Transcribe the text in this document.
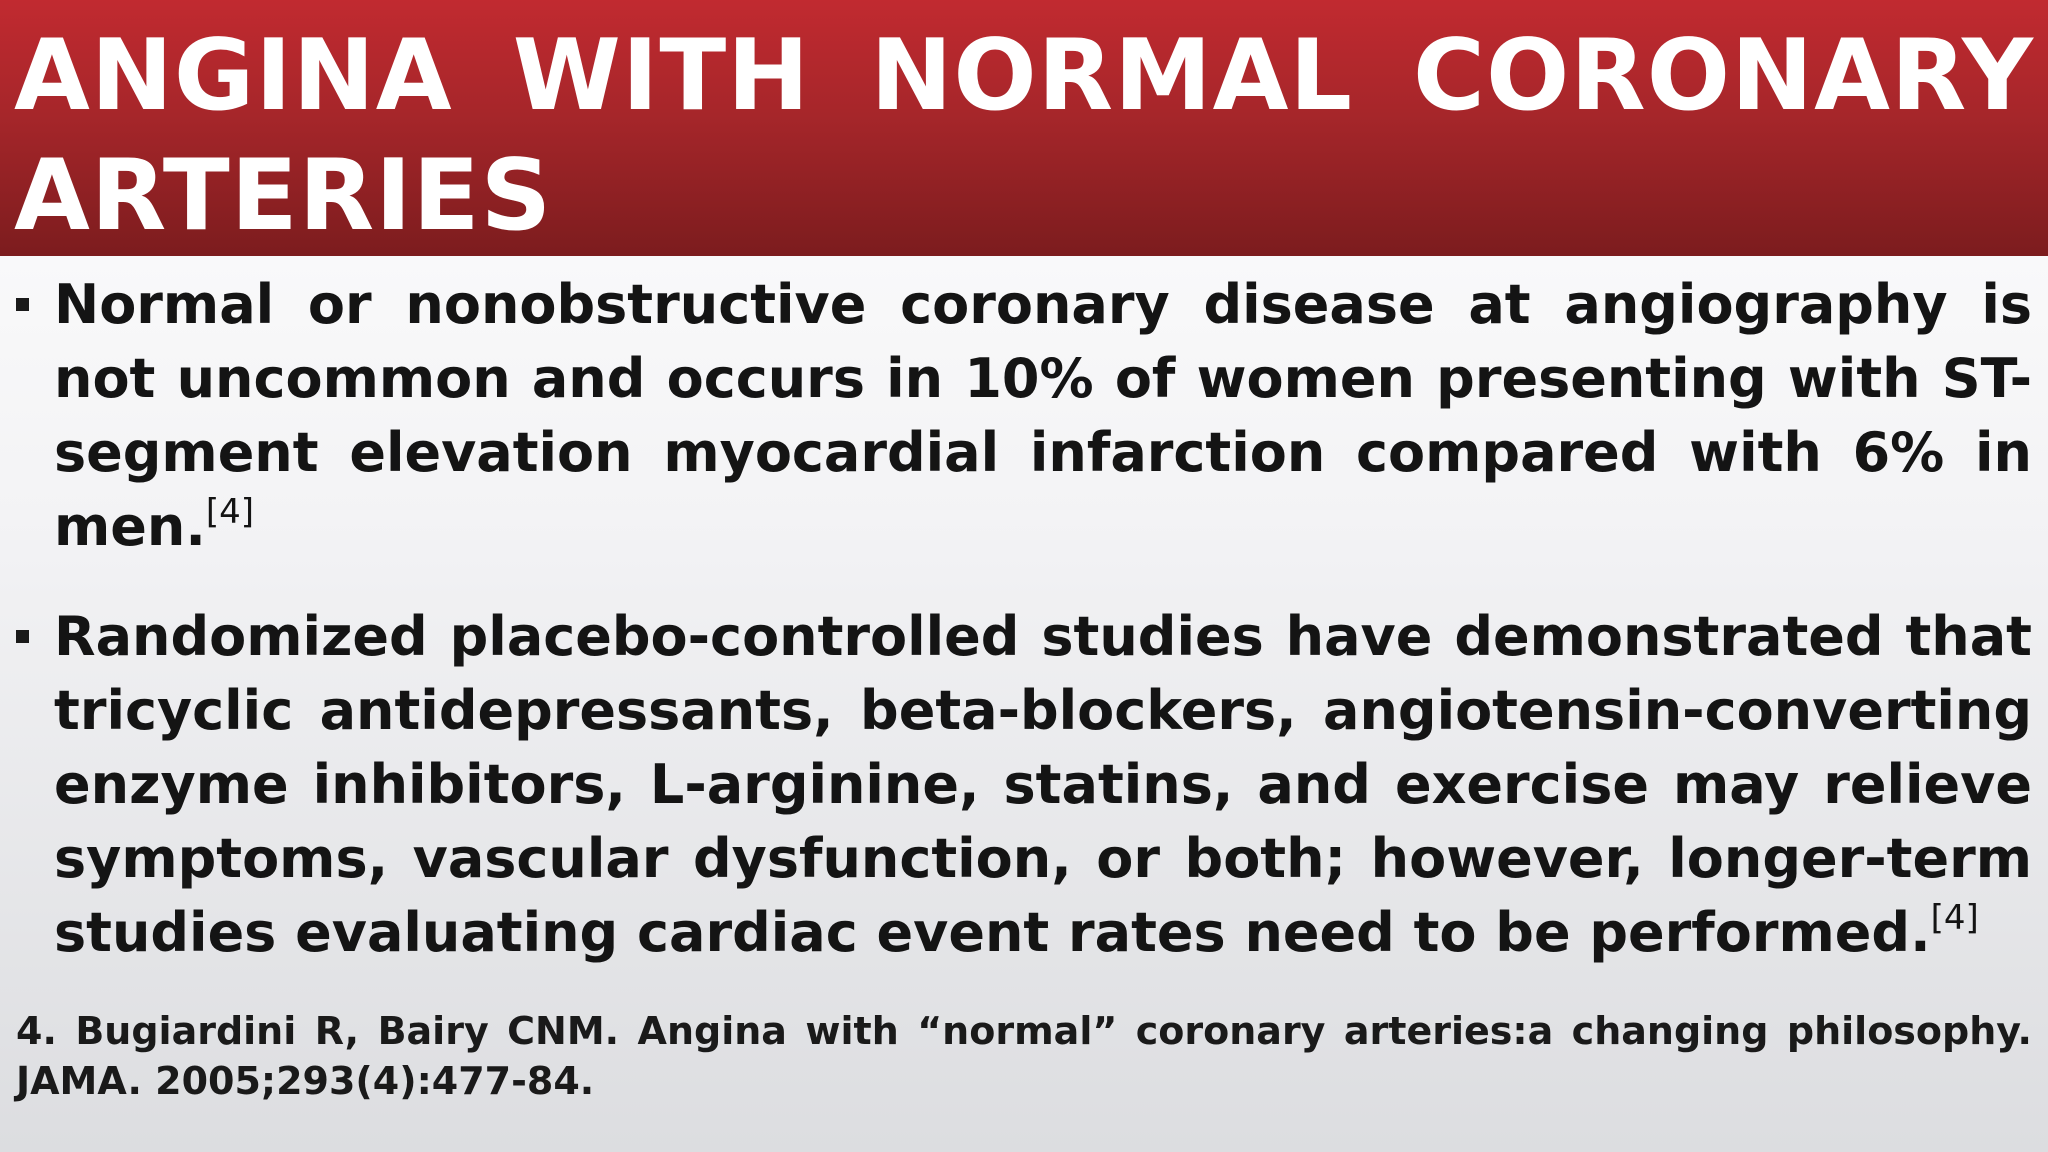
ANGINA WITH NORMAL CORONARY ARTERIES
Normal or nonobstructive coronary disease at angiography is not uncommon and occurs in 10% of women presenting with ST-segment elevation myocardial infarction compared with 6% in men.[4]
Randomized placebo-controlled studies have demonstrated that tricyclic antidepressants, beta-blockers, angiotensin-converting enzyme inhibitors, L-arginine, statins, and exercise may relieve symptoms, vascular dysfunction, or both; however, longer-term studies evaluating cardiac event rates need to be performed.[4]

4. Bugiardini R, Bairy CNM. Angina with “normal” coronary arteries:a changing philosophy. JAMA. 2005;293(4):477-84.
